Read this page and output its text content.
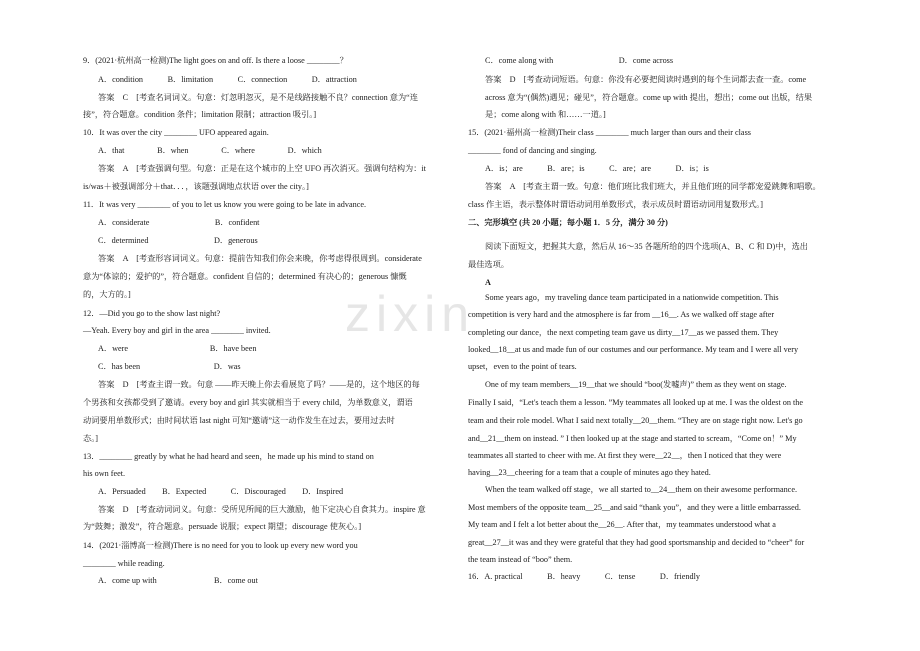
zixin
9．(2021·杭州高一检测)The light goes on and off. Is there a loose ________？
A．condition　　　B．limitation　　　C．connection　　　D．attraction
答案　C　[考查名词词义。句意：灯忽明忽灭，是不是线路接触不良？connection 意为“连
接”，符合题意。condition 条件；limitation 限制；attraction 吸引。]
10．It was over the city ________ UFO appeared again.
A．that　　　　B．when　　　　C．where　　　　D．which
答案　A　[考查强调句型。句意：正是在这个城市的上空 UFO 再次消灭。强调句结构为：it
is/was＋被强调部分＋that．．．，该题强调地点状语 over the city。]
11．It was very ________ of you to let us know you were going to be late in advance.
A．considerate　　　　　　　　B．confident
C．determined　　　　　　　　D．generous
答案　A　[考查形容词词义。句意：提前告知我们你会来晚，你考虑得很周到。considerate
意为“体谅的；爱护的”，符合题意。confident 自信的；determined 有决心的；generous 慷慨
的，大方的。]
12．—Did you go to the show last night?
—Yeah. Every boy and girl in the area ________ invited.
A．were　　　　　　　　　　B．have been
C．has been　　　　　　　　　D．was
答案　D　[考查主谓一致。句意 ——昨天晚上你去看展览了吗？——是的，这个地区的每
个男孩和女孩都受到了邀请。every boy and girl 其实就相当于 every child，为单数意义，谓语
动词要用单数形式；由时间状语 last night 可知“邀请”这一动作发生在过去，要用过去时
态。]
13．________ greatly by what he had heard and seen，he made up his mind to stand on
his own feet.
A．Persuaded　　B．Expected　　　C．Discouraged　　D．Inspired
答案　D　[考查动词词义。句意：受所见所闻的巨大激励，他下定决心自食其力。inspire 意
为“鼓舞；激发”，符合题意。persuade 说服；expect 期望；discourage 使灰心。]
14．(2021·淄博高一检测)There is no need for you to look up every new word you
________ while reading.
A．come up with　　　　　　　B．come out
C．come along with　　　　　　　　D．come across
答案　D　[考查动词短语。句意：你没有必要把阅读时遇到的每个生词都去查一查。come
across 意为“(偶然)遇见；碰见”，符合题意。come up with 提出，想出；come out 出版，结果
是；come along with 和……一道。]
15．(2021·福州高一检测)Their class ________ much larger than ours and their class
________ fond of dancing and singing.
A．is；are　　　B．are；is　　　C．are；are　　　D．is；is
答案　A　[考查主谓一致。句意：他们班比我们班大，并且他们班的同学都宠爱跳舞和唱歌。
class 作主语，表示整体时谓语动词用单数形式，表示成员时谓语动词用复数形式。]
二、完形填空 (共 20 小题；每小题 1．5 分，满分 30 分)
阅读下面短文，把握其大意，然后从 16～35 各题所给的四个选项(A、B、C 和 D)中，选出
最佳选项。
A
Some years ago，my traveling dance team participated in a nationwide competition. This
competition is very hard and the atmosphere is far from __16__. As we walked off stage after
completing our dance，the next competing team gave us dirty__17__as we passed them. They
looked__18__at us and made fun of our costumes and our performance. My team and I were all very
upset，even to the point of tears.
One of my team members__19__that we should “boo(发嘘声)” them as they went on stage.
Finally I said，“Let's teach them a lesson. ”My teammates all looked up at me. I was the oldest on the
team and their role model. What I said next totally__20__them. “They are on stage right now. Let's go
and__21__them on instead. ” I then looked up at the stage and started to scream，“Come on！” My
teammates all started to cheer with me. At first they were__22__，then I noticed that they were
having__23__cheering for a team that a couple of minutes ago they hated.
When the team walked off stage，we all started to__24__them on their awesome performance.
Most members of the opposite team__25__and said “thank you”，and they were a little embarrassed.
My team and I felt a lot better about the__26__. After that，my teammates understood what a
great__27__it was and they were grateful that they had good sportsmanship and decided to “cheer” for
the team instead of “boo” them.
16．A. practical　　　B．heavy　　　C．tense　　　D．friendly
